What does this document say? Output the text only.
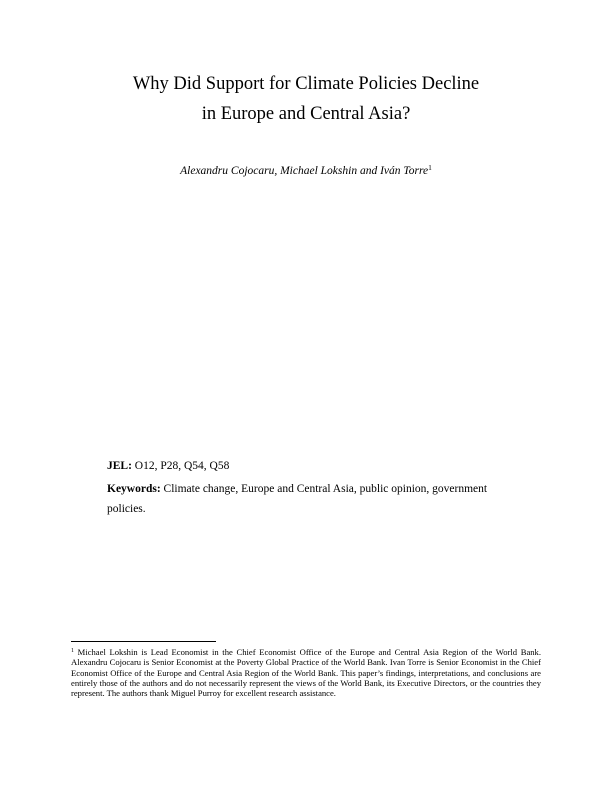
Why Did Support for Climate Policies Decline
in Europe and Central Asia?
Alexandru Cojocaru, Michael Lokshin and Iván Torre$^1$
JEL: O12, P28, Q54, Q58
Keywords: Climate change, Europe and Central Asia, public opinion, government policies.
$^1$ Michael Lokshin is Lead Economist in the Chief Economist Office of the Europe and Central Asia Region of the World Bank. Alexandru Cojocaru is Senior Economist at the Poverty Global Practice of the World Bank. Ivan Torre is Senior Economist in the Chief Economist Office of the Europe and Central Asia Region of the World Bank. This paper’s findings, interpretations, and conclusions are entirely those of the authors and do not necessarily represent the views of the World Bank, its Executive Directors, or the countries they represent. The authors thank Miguel Purroy for excellent research assistance.
